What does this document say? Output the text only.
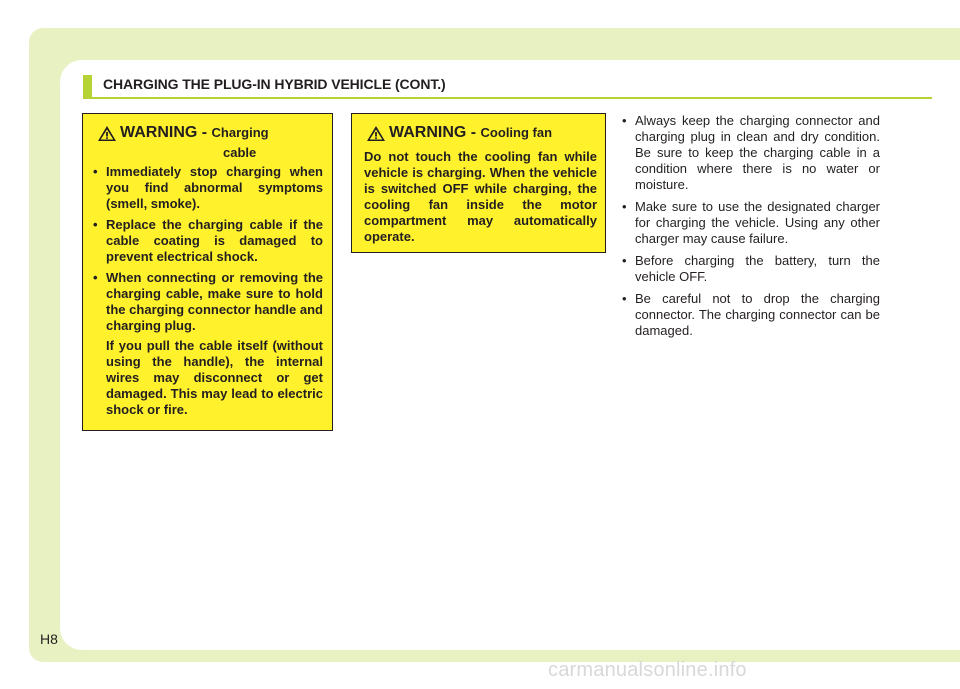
CHARGING THE PLUG-IN HYBRID VEHICLE (CONT.)
WARNING - Charging
cable
• Immediately stop charging when you find abnormal symptoms (smell, smoke).
• Replace the charging cable if the cable coating is damaged to prevent electrical shock.
• When connecting or removing the charging cable, make sure to hold the charging connector handle and charging plug.
If you pull the cable itself (without using the handle), the internal wires may disconnect or get damaged. This may lead to electric shock or fire.
WARNING - Cooling fan
Do not touch the cooling fan while vehicle is charging. When the vehicle is switched OFF while charging, the cooling fan inside the motor compartment may automatically operate.
• Always keep the charging connector and charging plug in clean and dry condition. Be sure to keep the charging cable in a condition where there is no water or moisture.
• Make sure to use the designated charger for charging the vehicle. Using any other charger may cause failure.
• Before charging the battery, turn the vehicle OFF.
• Be careful not to drop the charging connector. The charging connector can be damaged.
H8
carmanualsonline.info
